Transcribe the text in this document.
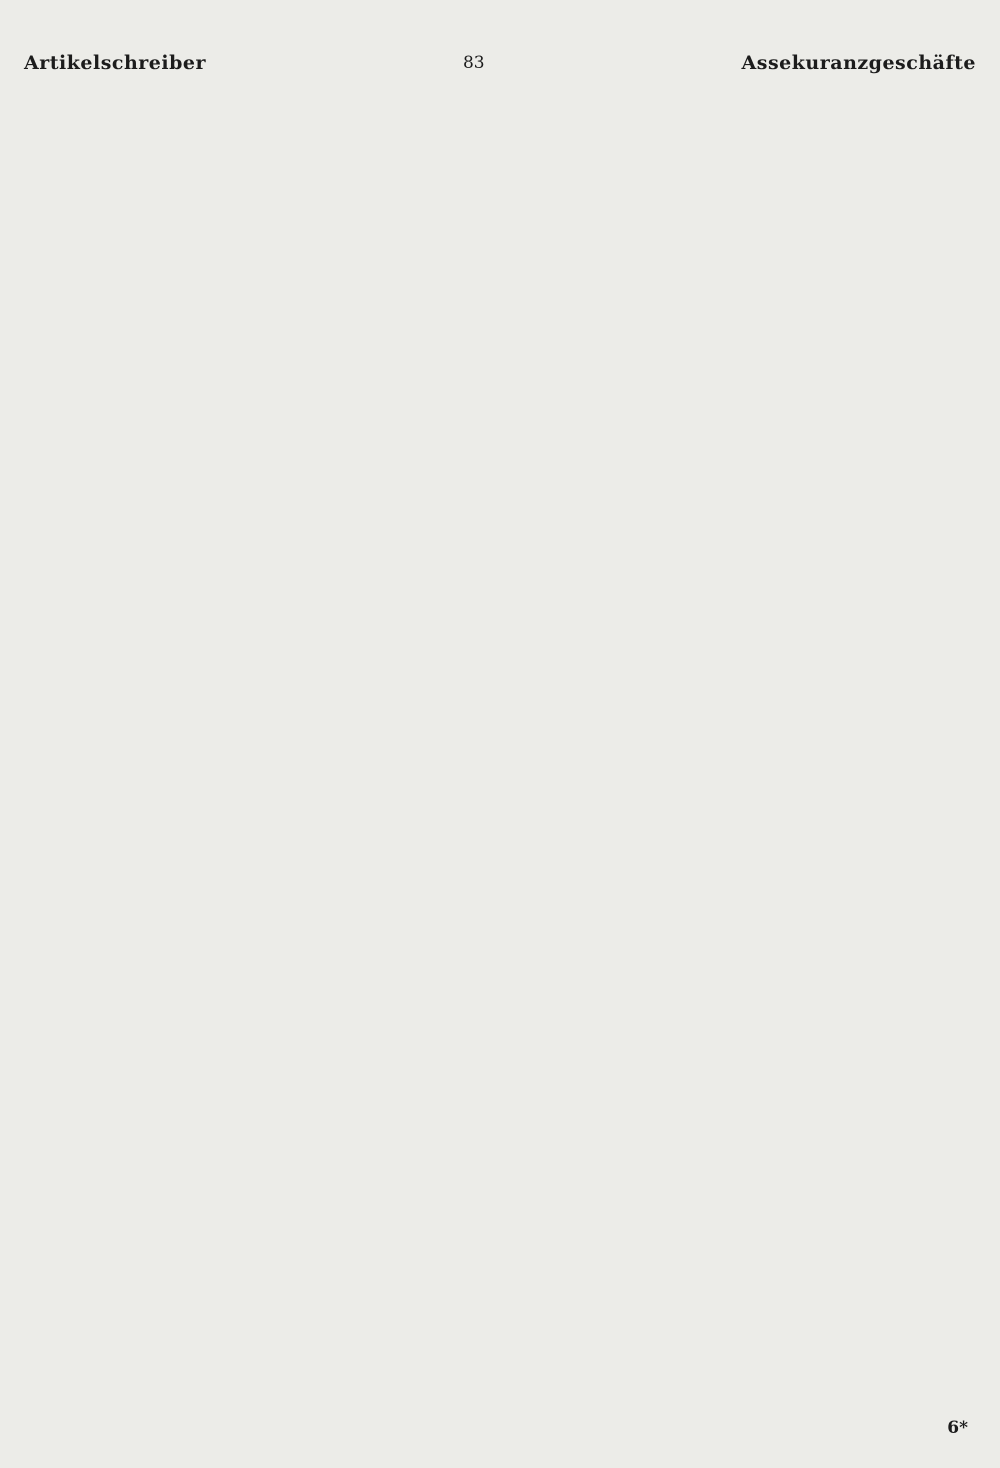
Artikelschreiber	83	Assekuranzgeschäfte

6*
